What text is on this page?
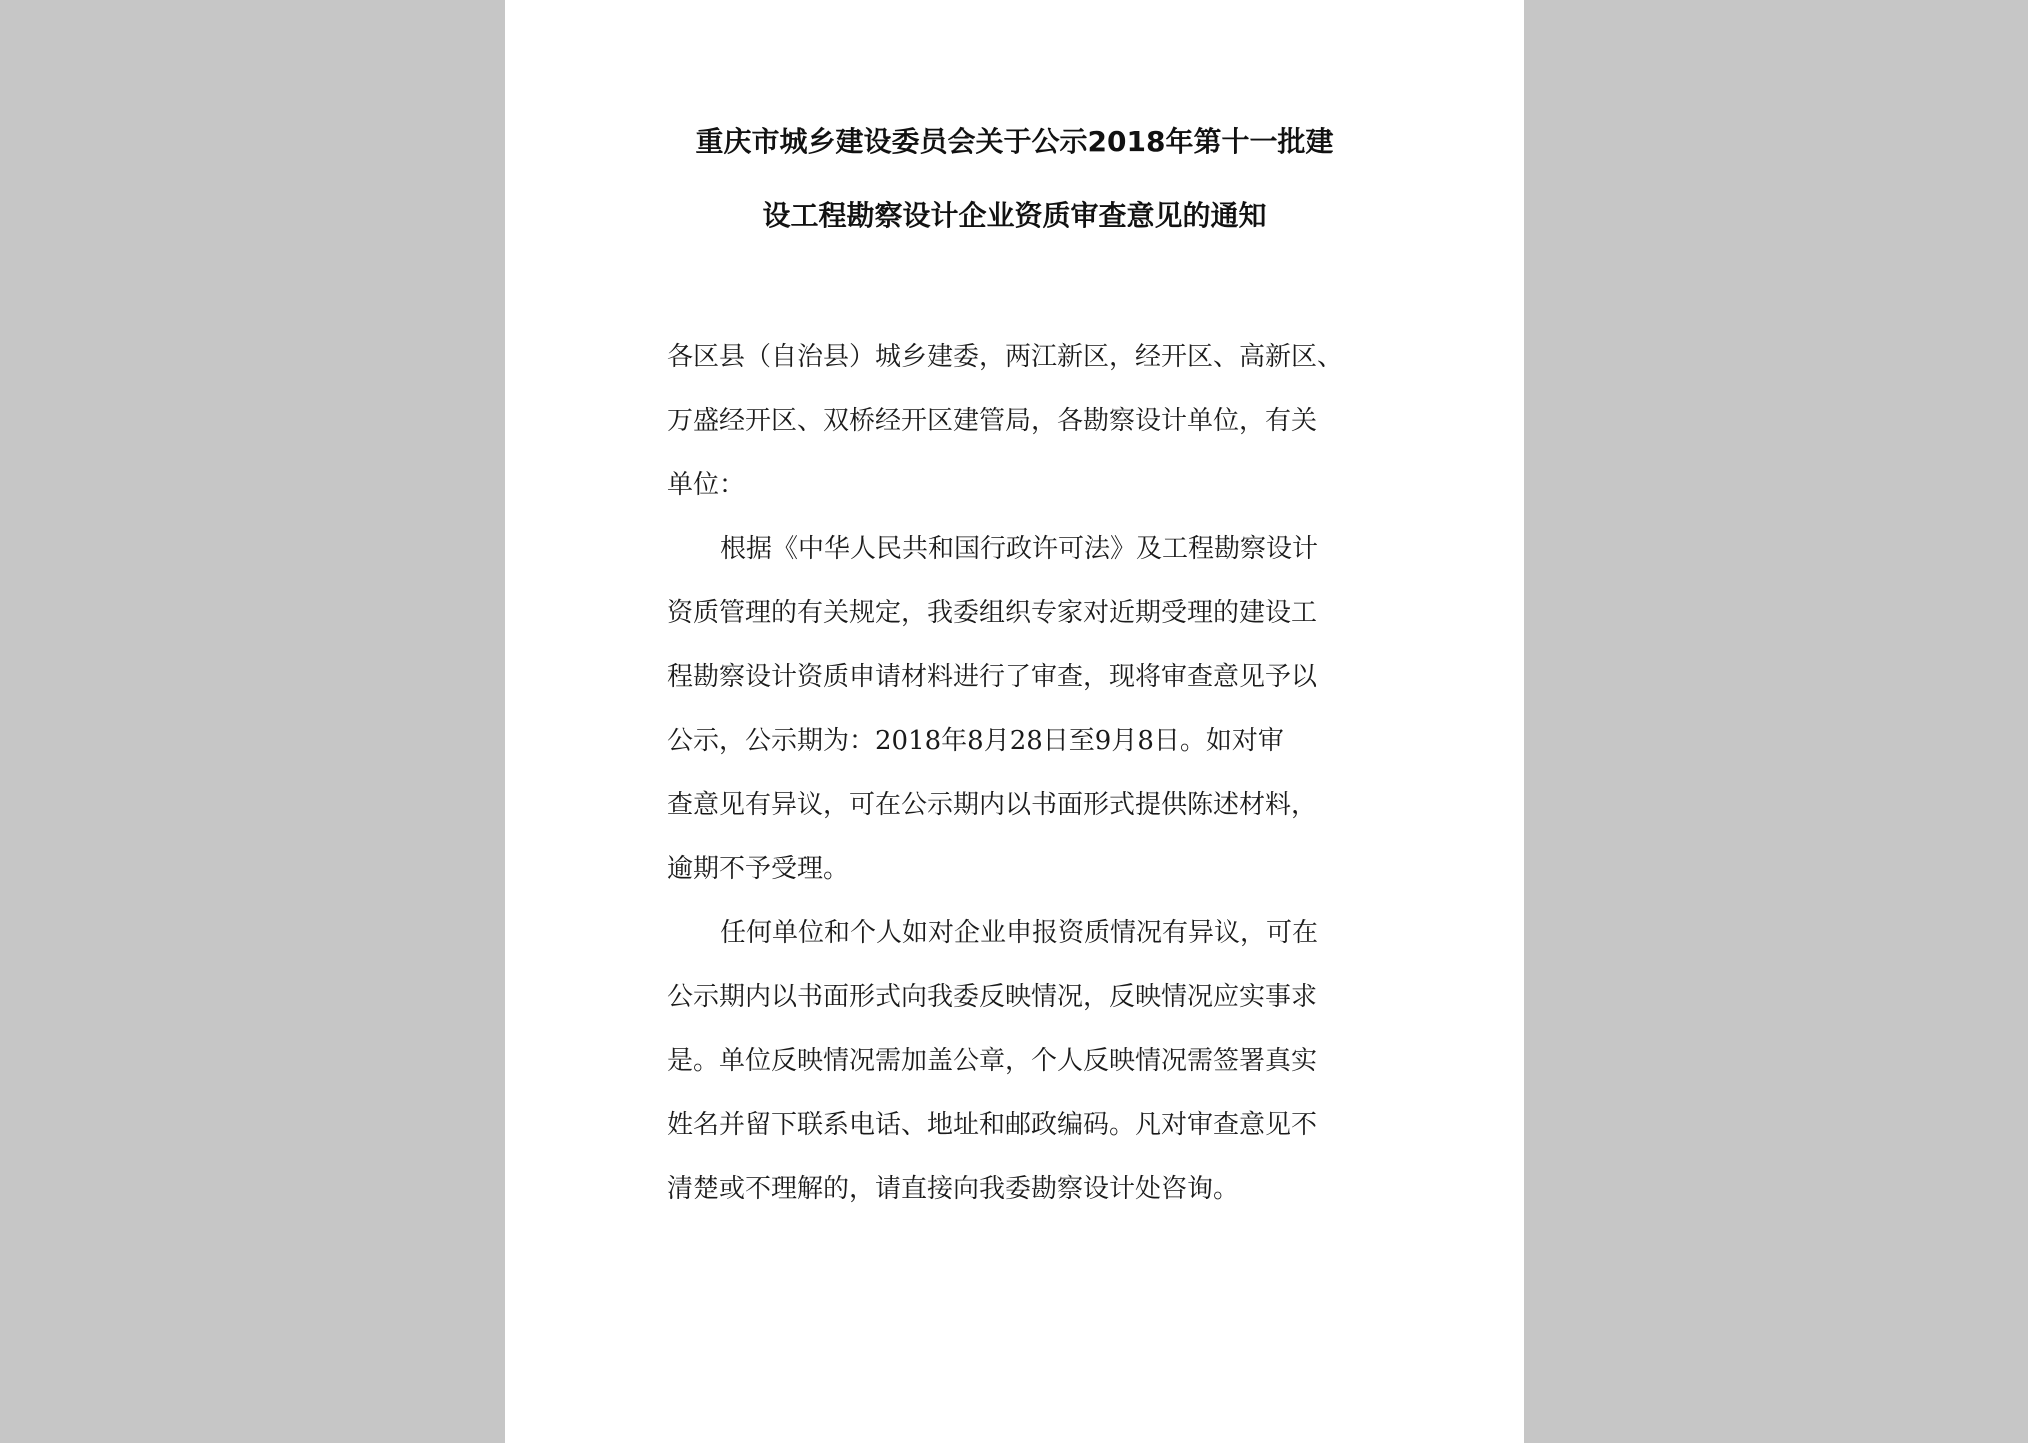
重庆市城乡建设委员会关于公示2018年第十一批建
设工程勘察设计企业资质审查意见的通知
各区县（自治县）城乡建委，两江新区，经开区、高新区、
万盛经开区、双桥经开区建管局，各勘察设计单位，有关
单位：
根据《中华人民共和国行政许可法》及工程勘察设计
资质管理的有关规定，我委组织专家对近期受理的建设工
程勘察设计资质申请材料进行了审查，现将审查意见予以
公示，公示期为：2018年8月28日至9月8日。如对审
查意见有异议，可在公示期内以书面形式提供陈述材料，
逾期不予受理。
任何单位和个人如对企业申报资质情况有异议，可在
公示期内以书面形式向我委反映情况，反映情况应实事求
是。单位反映情况需加盖公章，个人反映情况需签署真实
姓名并留下联系电话、地址和邮政编码。凡对审查意见不
清楚或不理解的，请直接向我委勘察设计处咨询。
